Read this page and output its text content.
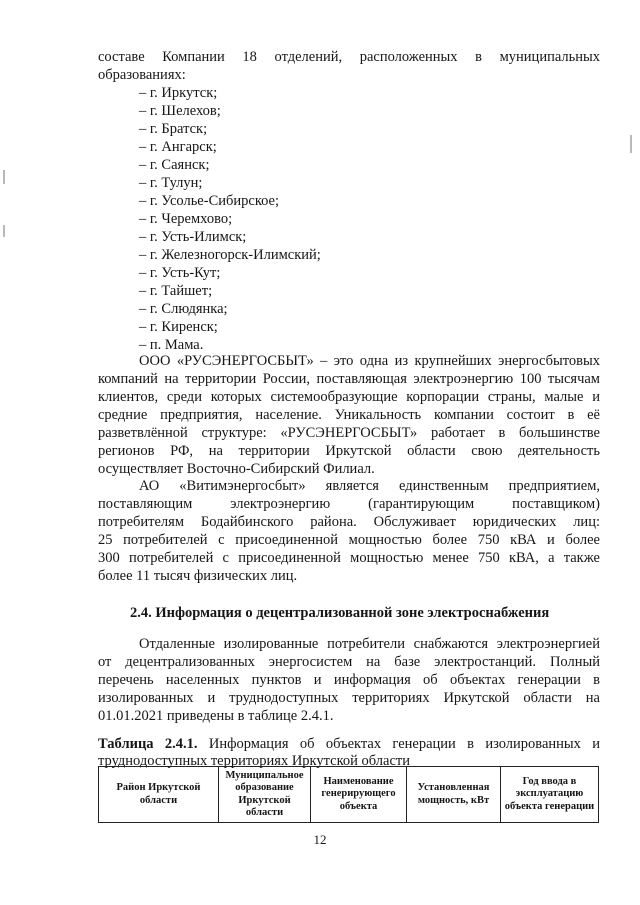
составе Компании 18 отделений, расположенных в муниципальных
образованиях:
– г. Иркутск;
– г. Шелехов;
– г. Братск;
– г. Ангарск;
– г. Саянск;
– г. Тулун;
– г. Усолье-Сибирское;
– г. Черемхово;
– г. Усть-Илимск;
– г. Железногорск-Илимский;
– г. Усть-Кут;
– г. Тайшет;
– г. Слюдянка;
– г. Киренск;
– п. Мама.
ООО «РУСЭНЕРГОСБЫТ» – это одна из крупнейших энергосбытовых
компаний на территории России, поставляющая электроэнергию 100 тысячам
клиентов, среди которых системообразующие корпорации страны, малые и
средние предприятия, население. Уникальность компании состоит в её
разветвлённой структуре: «РУСЭНЕРГОСБЫТ» работает в большинстве
регионов РФ, на территории Иркутской области свою деятельность
осуществляет Восточно-Сибирский Филиал.
АО «Витимэнергосбыт» является единственным предприятием,
поставляющим электроэнергию (гарантирующим поставщиком)
потребителям Бодайбинского района. Обслуживает юридических лиц:
25 потребителей с присоединенной мощностью более 750 кВА и более
300 потребителей с присоединенной мощностью менее 750 кВА, а также
более 11 тысяч физических лиц.
2.4. Информация о децентрализованной зоне электроснабжения
Отдаленные изолированные потребители снабжаются электроэнергией
от децентрализованных энергосистем на базе электростанций. Полный
перечень населенных пунктов и информация об объектах генерации в
изолированных и труднодоступных территориях Иркутской области на
01.01.2021 приведены в таблице 2.4.1.
Таблица 2.4.1. Информация об объектах генерации в изолированных и
труднодоступных территориях Иркутской области
Район Иркутской области	Муниципальное образование Иркутской области	Наименование генерирующего объекта	Установленная мощность, кВт	Год ввода в эксплуатацию объекта генерации
12
